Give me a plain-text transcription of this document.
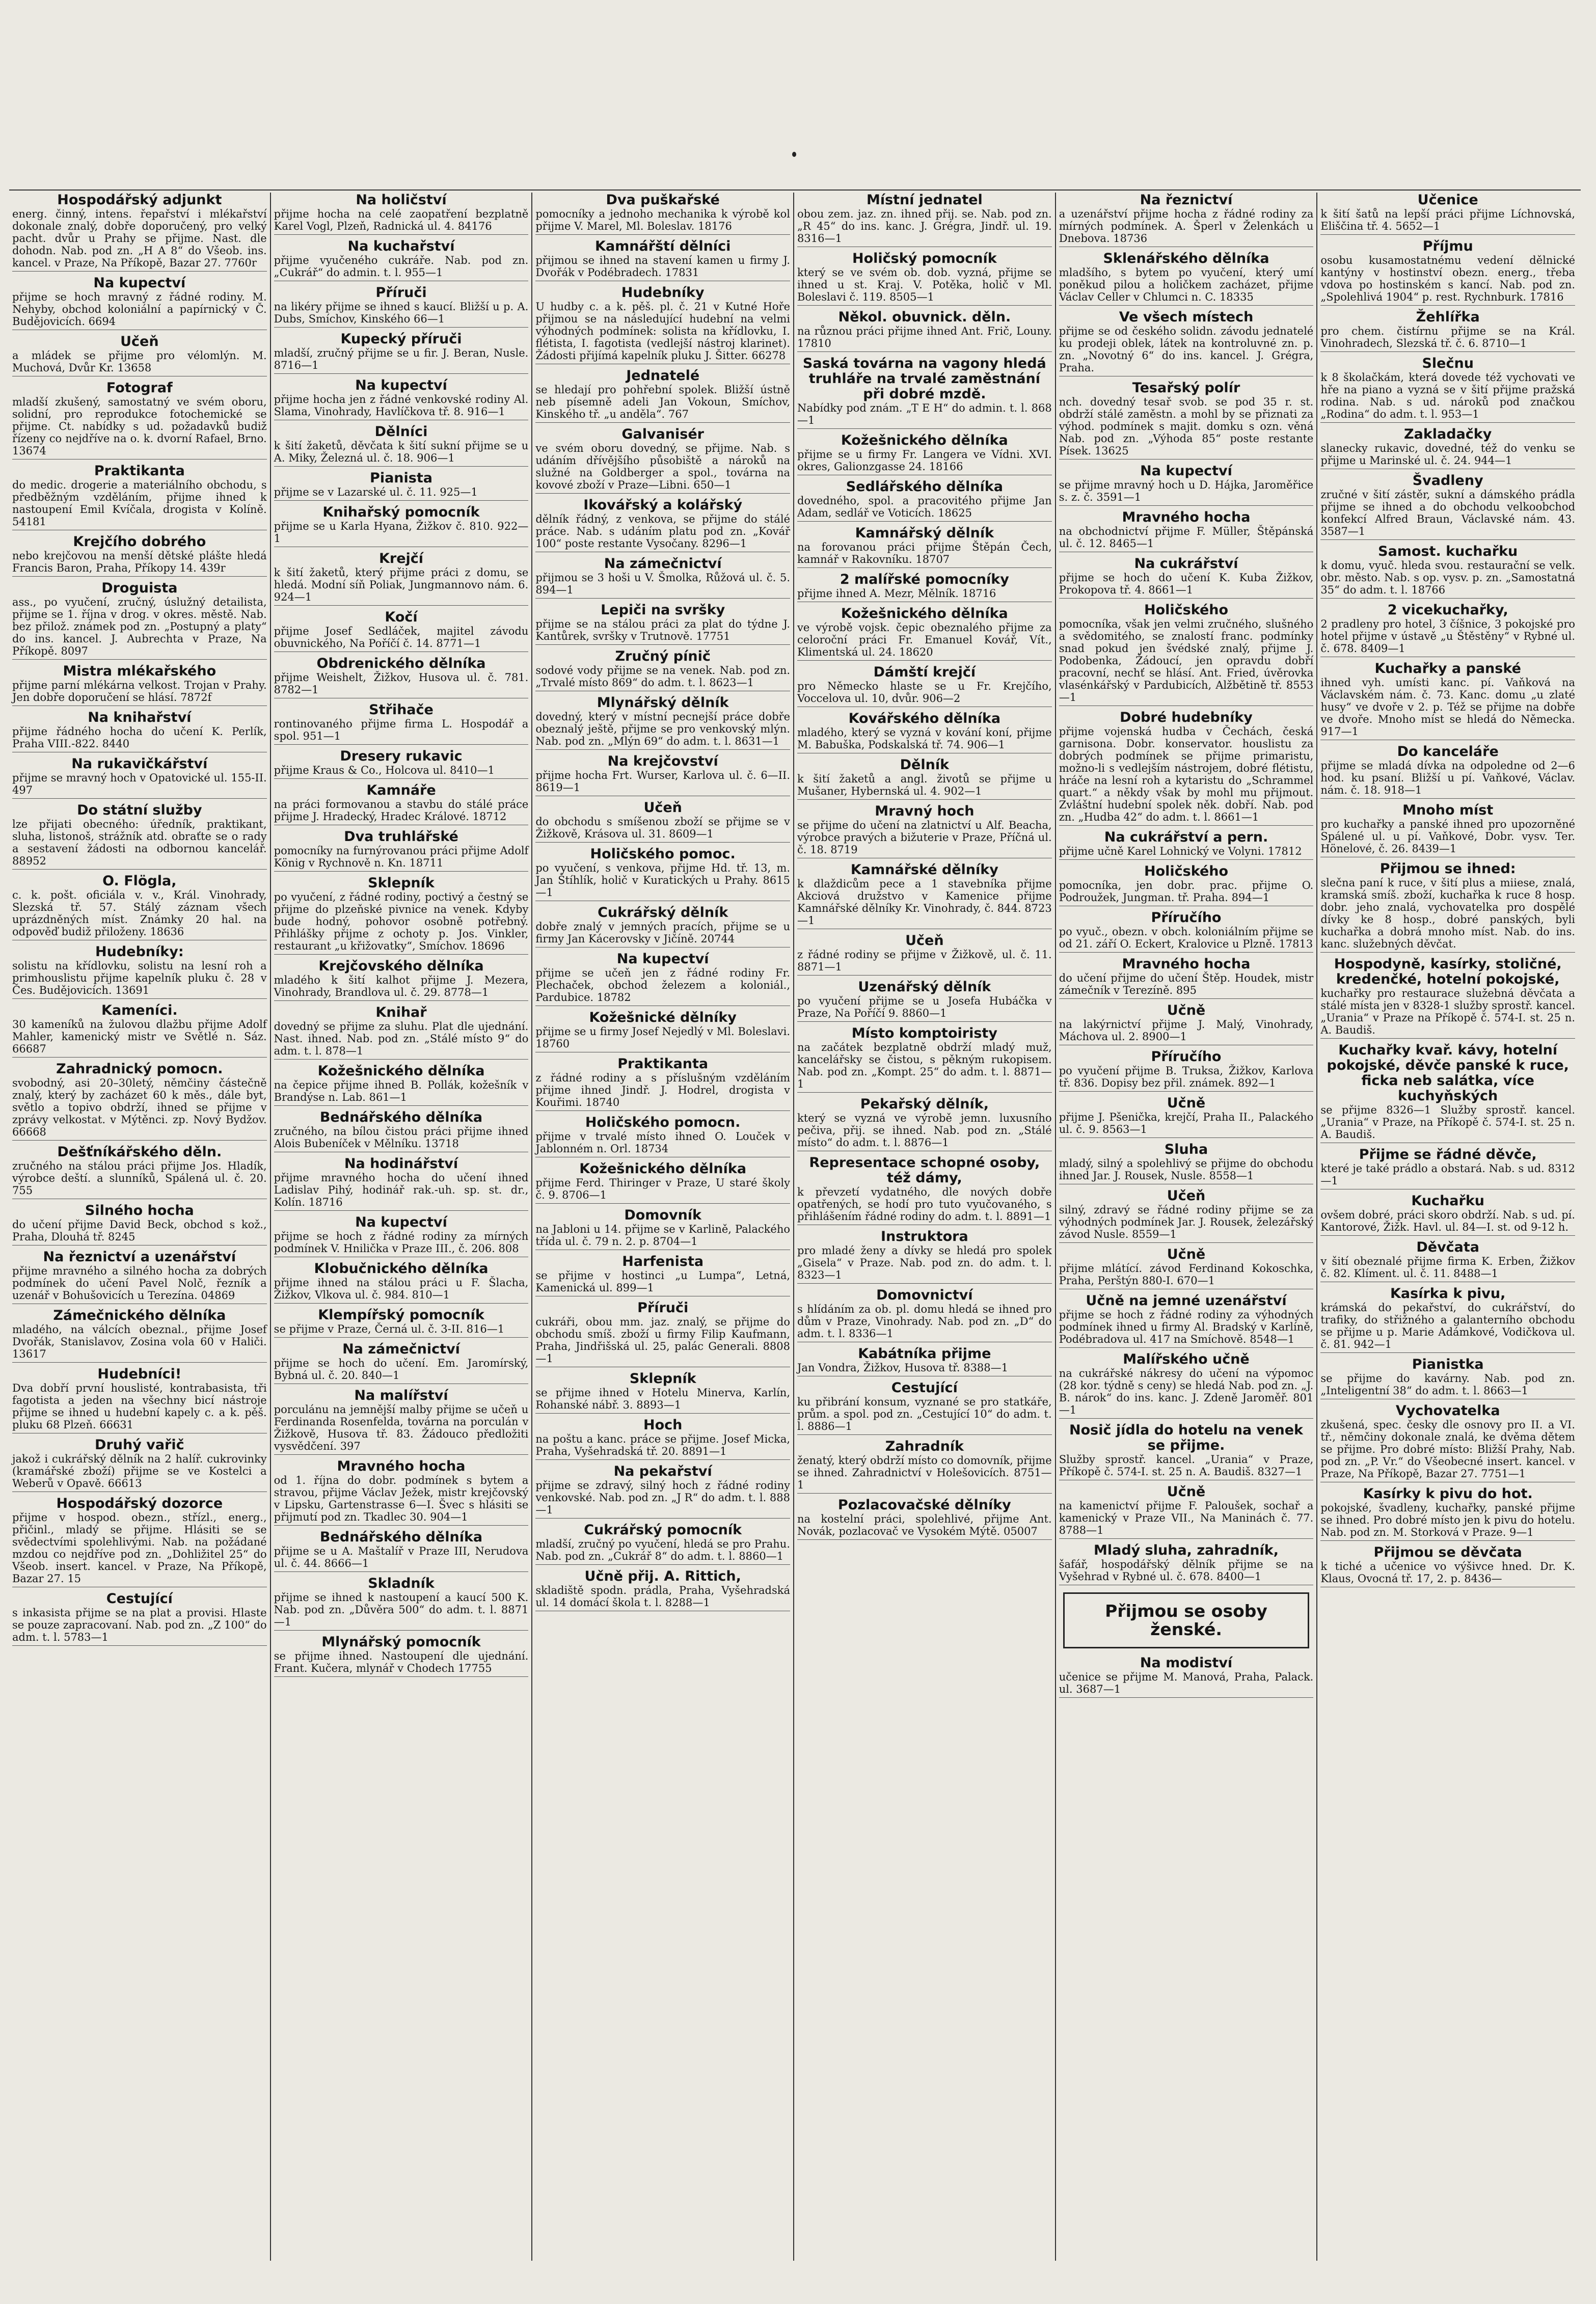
Hospodářský adjunkt

energ. činný, intens. řepařství i mlékařství dokonale znalý, dobře doporučený, pro velký pacht. dvůr u Prahy se přijme. Nast. dle dohodn. Nab. pod zn. „H A 8“ do Všeob. ins. kancel. v Praze, Na Příkopě, Bazar 27. 7760r

Na kupectví

přijme se hoch mravný z řádné rodiny. M. Nehyby, obchod koloniální a papírnický v Č. Budějovicích. 6694

Učeň

a mládek se přijme pro vélomlýn. M. Muchová, Dvůr Kr. 13658

Fotograf

mladší zkušený, samostatný ve svém oboru, solidní, pro reprodukce fotochemické se přijme. Ct. nabídky s ud. požadavků budiž řízeny co nejdříve na o. k. dvorní Rafael, Brno. 13674

Praktikanta

do medic. drogerie a materiálního obchodu, s předběžným vzděláním, přijme ihned k nastoupení Emil Kvíčala, drogista v Kolíně. 54181

Krejčího dobrého

nebo krejčovou na menší dětské plášte hledá Francis Baron, Praha, Příkopy 14. 439r

Droguista

ass., po vyučení, zručný, úslužný detailista, přijme se 1. října v drog. v okres. městě. Nab. bez přilož. známek pod zn. „Postupný a platy“ do ins. kancel. J. Aubrechta v Praze, Na Příkopě. 8097

Mistra mlékařského

přijme parní mlékárna velkost. Trojan v Prahy. Jen dobře doporučení se hlásí. 7872f

Na knihařství

přijme řádného hocha do učení K. Perlík, Praha VIII.-822. 8440

Na rukavičkářství

přijme se mravný hoch v Opatovické ul. 155-II. 497

Do státní služby

lze přijati obecného: úředník, praktikant, sluha, listonoš, strážník atd. obraťte se o rady a sestavení žádosti na odbornou kancelář. 88952

O. Flögla,

c. k. pošt. oficiála v. v., Král. Vinohrady, Slezská tř. 57. Stálý záznam všech uprázdněných míst. Známky 20 hal. na odpověď budiž přiloženy. 18636

Hudebníky:

solistu na křídlovku, solistu na lesní roh a primhouslistu přijme kapelník pluku č. 28 v Čes. Budějovicích. 13691

Kameníci.

30 kameníků na žulovou dlažbu přijme Adolf Mahler, kamenický mistr ve Světlé n. Sáz. 66687

Zahradnický pomocn.

svobodný, asi 20–30letý, němčiny částečně znalý, který by zacházet 60 k měs., dále byt, světlo a topivo obdrží, ihned se přijme v zprávy velkostat. v Mýtěnci. zp. Nový Bydžov. 66668

Dešťníkářského děln.

zručného na stálou práci přijme Jos. Hladík, výrobce deští. a slunníků, Spálená ul. č. 20. 755

Silného hocha

do učení přijme David Beck, obchod s kož., Praha, Dlouhá tř. 8245

Na řeznictví a uzenářství

přijme mravného a silného hocha za dobrých podmínek do učení Pavel Nolč, řezník a uzenář v Bohušovicích u Terezína. 04869

Zámečnického dělníka

mladého, na válcích obeznal., přijme Josef Dvořák, Stanislavov, Zosina vola 60 v Haliči. 13617

Hudebníci!

Dva dobří první houslisté, kontrabasista, tři fagotista a jeden na všechny bicí nástroje přijme se ihned u hudební kapely c. a k. pěš. pluku 68 Plzeň. 66631

Druhý vařič

jakož i cukrářský dělník na 2 halíř. cukrovinky (kramářské zboží) přijme se ve Kostelci a Weberů v Opavě. 66613

Hospodářský dozorce

přijme v hospod. obezn., střízl., energ., přičinl., mladý se přijme. Hlásiti se se svědectvími spolehlivými. Nab. na požádané mzdou co nejdříve pod zn. „Dohližitel 25“ do Všeob. insert. kancel. v Praze, Na Příkopě, Bazar 27. 15

Cestující

s inkasista přijme se na plat a provisi. Hlaste se pouze zapracovaní. Nab. pod zn. „Z 100“ do adm. t. l. 5783—1

Na holičství

přijme hocha na celé zaopatření bezplatně Karel Vogl, Plzeň, Radnická ul. 4. 84176

Na kuchařství

přijme vyučeného cukráře. Nab. pod zn. „Cukrář“ do admin. t. l. 955—1

Příruči

na likéry přijme se ihned s kaucí. Bližší u p. A. Dubs, Smíchov, Kinského 66—1

Kupecký příruči

mladší, zručný přijme se u fir. J. Beran, Nusle. 8716—1

Na kupectví

přijme hocha jen z řádné venkovské rodiny Al. Slama, Vinohrady, Havlíčkova tř. 8. 916—1

Dělníci

k šití žaketů, děvčata k šití sukní přijme se u A. Miky, Železná ul. č. 18. 906—1

Pianista

přijme se v Lazarské ul. č. 11. 925—1

Knihařský pomocník

přijme se u Karla Hyana, Žižkov č. 810. 922—1

Krejčí

k šití žaketů, který přijme práci z domu, se hledá. Modní síň Poliak, Jungmannovo nám. 6. 924—1

Kočí

přijme Josef Sedláček, majitel závodu obuvnického, Na Poříčí č. 14. 8771—1

Obdrenického dělníka

přijme Weishelt, Žižkov, Husova ul. č. 781. 8782—1

Střihače

rontinovaného přijme firma L. Hospodář a spol. 951—1

Dresery rukavic

přijme Kraus & Co., Holcova ul. 8410—1

Kamnáře

na práci formovanou a stavbu do stálé práce přijme J. Hradecký, Hradec Králové. 18712

Dva truhlářské

pomocníky na furnýrovanou práci přijme Adolf König v Rychnově n. Kn. 18711

Sklepník

po vyučení, z řádné rodiny, poctivý a čestný se přijme do plzeňské pivnice na venek. Kdyby bude hodný, pohovor osobně potřebný. Přihlášky přijme z ochoty p. Jos. Vinkler, restaurant „u křižovatky“, Smíchov. 18696

Krejčovského dělníka

mladého k šití kalhot přijme J. Mezera, Vinohrady, Brandlova ul. č. 29. 8778—1

Knihař

dovedný se přijme za sluhu. Plat dle ujednání. Nast. ihned. Nab. pod zn. „Stálé místo 9“ do adm. t. l. 878—1

Kožešnického dělníka

na čepice přijme ihned B. Pollák, kožešník v Brandýse n. Lab. 861—1

Bednářského dělníka

zručného, na bílou čistou práci přijme ihned Alois Bubeníček v Mělníku. 13718

Na hodinářství

přijme mravného hocha do učení ihned Ladislav Pihý, hodinář rak.-uh. sp. st. dr., Kolín. 18716

Na kupectví

přijme se hoch z řádné rodiny za mírných podmínek V. Hnilička v Praze III., č. 206. 808

Klobučnického dělníka

přijme ihned na stálou práci u F. Šlacha, Žižkov, Vlkova ul. č. 984. 810—1

Klempířský pomocník

se přijme v Praze, Černá ul. č. 3-II. 816—1

Na zámečnictví

přijme se hoch do učení. Em. Jaromírský, Bybná ul. č. 20. 840—1

Na malířství

porculánu na jemnější malby přijme se učeň u Ferdinanda Rosenfelda, továrna na porculán v Žižkově, Husova tř. 83. Žádouco předložiti vysvědčení. 397

Mravného hocha

od 1. října do dobr. podmínek s bytem a stravou, přijme Václav Ježek, mistr krejčovský v Lipsku, Gartenstrasse 6—I. Švec s hlásiti se přijmutí pod zn. Tkadlec 30. 904—1

Bednářského dělníka

přijme se u A. Maštalíř v Praze III, Nerudova ul. č. 44. 8666—1

Skladník

přijme se ihned k nastoupení a kaucí 500 K. Nab. pod zn. „Důvěra 500“ do adm. t. l. 8871—1

Mlynářský pomocník

se přijme ihned. Nastoupení dle ujednání. Frant. Kučera, mlynář v Chodech 17755

Dva puškařské

pomocníky a jednoho mechanika k výrobě kol přijme V. Marel, Ml. Boleslav. 18176

Kamnářští dělníci

přijmou se ihned na stavení kamen u firmy J. Dvořák v Podébradech. 17831

Hudebníky

U hudby c. a k. pěš. pl. č. 21 v Kutné Hoře přijmou se na následující hudební na velmi výhodných podmínek: solista na křídlovku, I. flétista, I. fagotista (vedlejší nástroj klarinet). Žádosti přijímá kapelník pluku J. Šitter. 66278

Jednatelé

se hledají pro pohřební spolek. Bližší ústně neb písemně adeli Jan Vokoun, Smíchov, Kinského tř. „u anděla“. 767

Galvanisér

ve svém oboru dovedný, se přijme. Nab. s udáním dřívějšího působiště a nároků na služné na Goldberger a spol., továrna na kovové zboží v Praze—Libni. 650—1

Ikovářský a kolářský

dělník řádný, z venkova, se přijme do stálé práce. Nab. s udáním platu pod zn. „Kovář 100“ poste restante Vysočany. 8296—1

Na zámečnictví

přijmou se 3 hoši u V. Šmolka, Růžová ul. č. 5. 894—1

Lepiči na svršky

přijme se na stálou práci za plat do týdne J. Kantůrek, svršky v Trutnově. 17751

Zručný pínič

sodové vody přijme se na venek. Nab. pod zn. „Trvalé místo 869“ do adm. t. l. 8623—1

Mlynářský dělník

dovedný, který v místní pecnejší práce dobře obeznalý ještě, přijme se pro venkovský mlýn. Nab. pod zn. „Mlýn 69“ do adm. t. l. 8631—1

Na krejčovství

přijme hocha Frt. Wurser, Karlova ul. č. 6—II. 8619—1

Učeň

do obchodu s smíšenou zboží se přijme se v Žižkově, Krásova ul. 31. 8609—1

Holičského pomoc.

po vyučení, s venkova, přijme Hd. tř. 13, m. Jan Štíhlík, holič v Kuratických u Prahy. 8615—1

Cukrářský dělník

dobře znalý v jemných pracích, přijme se u firmy Jan Kácerovsky v Jičíně. 20744

Na kupectví

přijme se učeň jen z řádné rodiny Fr. Plechaček, obchod železem a koloniál., Pardubice. 18782

Kožešnické dělníky

přijme se u firmy Josef Nejedlý v Ml. Boleslavi. 18760

Praktikanta

z řádné rodiny a s příslušným vzděláním přijme ihned Jindř. J. Hodrel, drogista v Kouřimi. 18740

Holičského pomocn.

přijme v trvalé místo ihned O. Louček v Jablonném n. Orl. 18734

Kožešnického dělníka

přijme Ferd. Thiringer v Praze, U staré školy č. 9. 8706—1

Domovník

na Jabloni u 14. přijme se v Karlině, Palackého třída ul. č. 79 n. 2. p. 8704—1

Harfenista

se přijme v hostinci „u Lumpa“, Letná, Kamenická ul. 899—1

Příruči

cukráři, obou mm. jaz. znalý, se přijme do obchodu smíš. zboží u firmy Filip Kaufmann, Praha, Jindřišská ul. 25, palác Generali. 8808—1

Sklepník

se přijme ihned v Hotelu Minerva, Karlín, Rohanské nábř. 3. 8893—1

Hoch

na poštu a kanc. práce se přijme. Josef Micka, Praha, Vyšehradská tř. 20. 8891—1

Na pekařství

přijme se zdravý, silný hoch z řádné rodiny venkovské. Nab. pod zn. „J R“ do adm. t. l. 888—1

Cukrářský pomocník

mladší, zručný po vyučení, hledá se pro Prahu. Nab. pod zn. „Cukrář 8“ do adm. t. l. 8860—1

Učně přij. A. Rittich,

skladiště spodn. prádla, Praha, Vyšehradská ul. 14 domácí škola t. l. 8288—1

Místní jednatel

obou zem. jaz. zn. ihned přij. se. Nab. pod zn. „R 45“ do ins. kanc. J. Grégra, Jindř. ul. 19. 8316—1

Holičský pomocník

který se ve svém ob. dob. vyzná, přijme se ihned u st. Kraj. V. Potěka, holič v Ml. Boleslavi č. 119. 8505—1

Někol. obuvnick. děln.

na různou práci přijme ihned Ant. Frič, Louny. 17810

Saská továrna na vagony hledá truhláře na trvalé zaměstnání při dobré mzdě.

Nabídky pod znám. „T E H“ do admin. t. l. 868—1

Kožešnického dělníka

přijme se u firmy Fr. Langera ve Vídni. XVI. okres, Galionzgasse 24. 18166

Sedlářského dělníka

dovedného, spol. a pracovitého přijme Jan Adam, sedlář ve Voticích. 18625

Kamnářský dělník

na forovanou práci přijme Štěpán Čech, kamnář v Rakovníku. 18707

2 malířské pomocníky

přijme ihned A. Mezr, Mělník. 18716

Kožešnického dělníka

ve výrobě vojsk. čepic obeznalého přijme za celoroční práci Fr. Emanuel Kovář, Vít., Klimentská ul. 24. 18620

Dámští krejčí

pro Německo hlaste se u Fr. Krejčího, Voccelova ul. 10, dvůr. 906—2

Kovářského dělníka

mladého, který se vyzná v kování koní, přijme M. Babuška, Podskalská tř. 74. 906—1

Dělník

k šití žaketů a angl. životů se přijme u Mušaner, Hybernská ul. 4. 902—1

Mravný hoch

se přijme do učení na zlatnictví u Alf. Beacha, výrobce pravých a bižuterie v Praze, Příčná ul. č. 18. 8719

Kamnářské dělníky

k dlaždicům pece a 1 stavebníka přijme Akciová družstvo v Kamenice přijme Kamnářské dělníky Kr. Vinohrady, č. 844. 8723—1

Učeň

z řádné rodiny se přijme v Žižkově, ul. č. 11. 8871—1

Uzenářský dělník

po vyučení přijme se u Josefa Hubáčka v Praze, Na Poříčí 9. 8860—1

Místo komptoiristy

na začátek bezplatně obdrží mladý muž, kancelářsky se čistou, s pěkným rukopisem. Nab. pod zn. „Kompt. 25“ do adm. t. l. 8871—1

Pekařský dělník,

který se vyzná ve výrobě jemn. luxusního pečiva, přij. se ihned. Nab. pod zn. „Stálé místo“ do adm. t. l. 8876—1

Representace schopné osoby, též dámy,

k převzetí vydatného, dle nových dobře opatřených, se hodí pro tuto vyučovaného, s přihlášením řádné rodiny do adm. t. l. 8891—1

Instruktora

pro mladé ženy a dívky se hledá pro spolek „Gisela“ v Praze. Nab. pod zn. do adm. t. l. 8323—1

Domovnictví

s hlídáním za ob. pl. domu hledá se ihned pro dům v Praze, Vinohrady. Nab. pod zn. „D“ do adm. t. l. 8336—1

Kabátníka přijme

Jan Vondra, Žižkov, Husova tř. 8388—1

Cestující

ku přibrání konsum, vyznané se pro statkáře, prům. a spol. pod zn. „Cestující 10“ do adm. t. l. 8886—1

Zahradník

ženatý, který obdrží místo co domovník, přijme se ihned. Zahradnictví v Holešovicích. 8751—1

Pozlacovačské dělníky

na kostelní práci, spolehlivé, přijme Ant. Novák, pozlacovač ve Vysokém Mýtě. 05007

Na řeznictví

a uzenářství přijme hocha z řádné rodiny za mírných podmínek. A. Šperl v Želenkách u Dnebova. 18736

Sklenářského dělníka

mladšího, s bytem po vyučení, který umí poněkud pilou a holičkem zacházet, přijme Václav Celler v Chlumci n. C. 18335

Ve všech místech

přijme se od českého solidn. závodu jednatelé ku prodeji oblek, látek na kontroluvné zn. p. zn. „Novotný 6“ do ins. kancel. J. Grégra, Praha.

Tesařský polír

nch. dovedný tesař svob. se pod 35 r. st. obdrží stálé zaměstn. a mohl by se přiznati za výhod. podmínek s majit. domku s ozn. věná Nab. pod zn. „Výhoda 85“ poste restante Písek. 13625

Na kupectví

se přijme mravný hoch u D. Hájka, Jaroměřice s. z. č. 3591—1

Mravného hocha

na obchodnictví přijme F. Müller, Štěpánská ul. č. 12. 8465—1

Na cukrářství

přijme se hoch do učení K. Kuba Žižkov, Prokopova tř. 4. 8661—1

Holičského

pomocníka, však jen velmi zručného, slušného a svědomitého, se znalostí franc. podmínky snad pokud jen švédské znalý, přijme J. Podobenka, Žádoucí, jen opravdu dobří pracovní, nechť se hlásí. Ant. Fried, úvěrovka vlasénkářský v Pardubicích, Alžbětině tř. 8553—1

Dobré hudebníky

přijme vojenská hudba v Čechách, česká garnisona. Dobr. konservator. houslistu za dobrých podmínek se přijme primaristu, možno-li s vedlejším nástrojem, dobré flétistu, hráče na lesní roh a kytaristu do „Schrammel quart.“ a někdy však by mohl mu přijmout. Zvláštní hudební spolek něk. dobří. Nab. pod zn. „Hudba 42“ do adm. t. l. 8661—1

Na cukrářství a pern.

přijme učně Karel Lohnický ve Volyni. 17812

Holičského

pomocníka, jen dobr. prac. přijme O. Podroužek, Jungman. tř. Praha. 894—1

Příručího

po vyuč., obezn. v obch. koloniálním přijme se od 21. září O. Eckert, Kralovice u Plzně. 17813

Mravného hocha

do učení přijme do učení Štěp. Houdek, mistr zámečník v Terezíně. 895

Učně

na lakýrnictví přijme J. Malý, Vinohrady, Máchova ul. 2. 8900—1

Příručího

po vyučení přijme B. Truksa, Žižkov, Karlova tř. 836. Dopisy bez přil. známek. 892—1

Učně

přijme J. Pšenička, krejčí, Praha II., Palackého ul. č. 9. 8563—1

Sluha

mladý, silný a spolehlivý se přijme do obchodu ihned Jar. J. Rousek, Nusle. 8558—1

Učeň

silný, zdravý se řádné rodiny přijme se za výhodných podmínek Jar. J. Rousek, železářský závod Nusle. 8559—1

Učně

přijme mlátící. závod Ferdinand Kokoschka, Praha, Perštýn 880-I. 670—1

Učně na jemné uzenářství

přijme se hoch z řádné rodiny za výhodných podmínek ihned u firmy Al. Bradský v Karlíně, Podébradova ul. 417 na Smíchově. 8548—1

Malířského učně

na cukrářské nákresy do učení na výpomoc (28 kor. týdně s ceny) se hledá Nab. pod zn. „J. B. nárok“ do ins. kanc. J. Zdeně Jaroměř. 801—1

Nosič jídla do hotelu na venek se přijme.

Služby sprostř. kancel. „Urania“ v Praze, Příkopě č. 574-I. st. 25 n. A. Baudiš. 8327—1

Učně

na kamenictví přijme F. Paloušek, sochař a kamenický v Praze VII., Na Maninách č. 77. 8788—1

Mladý sluha, zahradník,

šafář, hospodářský dělník přijme se na Vyšehrad v Rybné ul. č. 678. 8400—1

Přijmou se osoby ženské.

Na modiství

učenice se přijme M. Manová, Praha, Palack. ul. 3687—1

Učenice

k šití šatů na lepší práci přijme Líchnovská, Eliščina tř. 4. 5652—1

Příjmu

osobu kusamostatnému vedení dělnické kantýny v hostinství obezn. energ., třeba vdova po hostinském s kancí. Nab. pod zn. „Spolehlivá 1904“ p. rest. Rychnburk. 17816

Žehlířka

pro chem. čistírnu přijme se na Král. Vinohradech, Slezská tř. č. 6. 8710—1

Slečnu

k 8 školačkám, která dovede též vychovati ve hře na piano a vyzná se v šití přijme pražská rodina. Nab. s ud. nároků pod značkou „Rodina“ do adm. t. l. 953—1

Zakladačky

slanecky rukavic, dovedné, též do venku se přijme u Marinské ul. č. 24. 944—1

Švadleny

zručné v šití zástěr, sukní a dámského prádla přijme se ihned a do obchodu velkoobchod konfekcí Alfred Braun, Václavské nám. 43. 3587—1

Samost. kuchařku

k domu, vyuč. hleda svou. restaurační se velk. obr. město. Nab. s op. vysv. p. zn. „Samostatná 35“ do adm. t. l. 18766

2 vicekuchařky,

2 pradleny pro hotel, 3 číšnice, 3 pokojské pro hotel přijme v ústavě „u Štěstěny“ v Rybné ul. č. 678. 8409—1

Kuchařky a panské

ihned vyh. umísti kanc. pí. Vaňková na Václavském nám. č. 73. Kanc. domu „u zlaté husy“ ve dvoře v 2. p. Též se přijme na dobře ve dvoře. Mnoho míst se hledá do Německa. 917—1

Do kanceláře

přijme se mladá dívka na odpoledne od 2—6 hod. ku psaní. Bližší u pí. Vaňkové, Václav. nám. č. 18. 918—1

Mnoho míst

pro kuchařky a panské ihned pro upozorněné Spálené ul. u pí. Vaňkové, Dobr. vysv. Ter. Hönelové, č. 26. 8439—1

Přijmou se ihned:

slečna paní k ruce, v šití plus a miiese, znalá, kramská smíš. zboží, kuchařka k ruce 8 hosp. dobr. jeho znalá, vychovatelka pro dospělé dívky ke 8 hosp., dobré panských, byli kuchařka a dobrá mnoho míst. Nab. do ins. kanc. služebných děvčat.

Hospodyně, kasírky, stoličné, kredenčké, hotelní pokojské,

kuchařky pro restaurace služebná děvčata a stálé místa jen v 8328-1 služby sprostř. kancel. „Urania“ v Praze na Příkopě č. 574-I. st. 25 n. A. Baudiš.

Kuchařky kvař. kávy, hotelní pokojské, děvče panské k ruce, ficka neb salátka, více kuchyňských

se přijme 8326—1 Služby sprostř. kancel. „Urania“ v Praze, na Příkopě č. 574-I. st. 25 n. A. Baudiš.

Přijme se řádné děvče,

které je také prádlo a obstará. Nab. s ud. 8312—1

Kuchařku

ovšem dobré, práci skoro obdrží. Nab. s ud. pí. Kantorové, Žižk. Havl. ul. 84—I. st. od 9-12 h.

Děvčata

v šití obeznalé přijme firma K. Erben, Žižkov č. 82. Klíment. ul. č. 11. 8488—1

Kasírka k pivu,

krámská do pekařství, do cukrářství, do trafiky, do střižného a galanterního obchodu se přijme u p. Marie Adámkové, Vodičkova ul. č. 81. 942—1

Pianistka

se přijme do kavárny. Nab. pod zn. „Inteligentní 38“ do adm. t. l. 8663—1

Vychovatelka

zkušená, spec. česky dle osnovy pro II. a VI. tř., němčiny dokonale znalá, ke dvěma dětem se přijme. Pro dobré místo: Bližší Prahy, Nab. pod zn. „P. Vr.“ do Všeobecné insert. kancel. v Praze, Na Příkopě, Bazar 27. 7751—1

Kasírky k pivu do hot.

pokojské, švadleny, kuchařky, panské přijme se ihned. Pro dobré místo jen k pivu do hotelu. Nab. pod zn. M. Storková v Praze. 9—1

Přijmou se děvčata

k tiché a učenice vo výšivce hned. Dr. K. Klaus, Ovocná tř. 17, 2. p. 8436—
